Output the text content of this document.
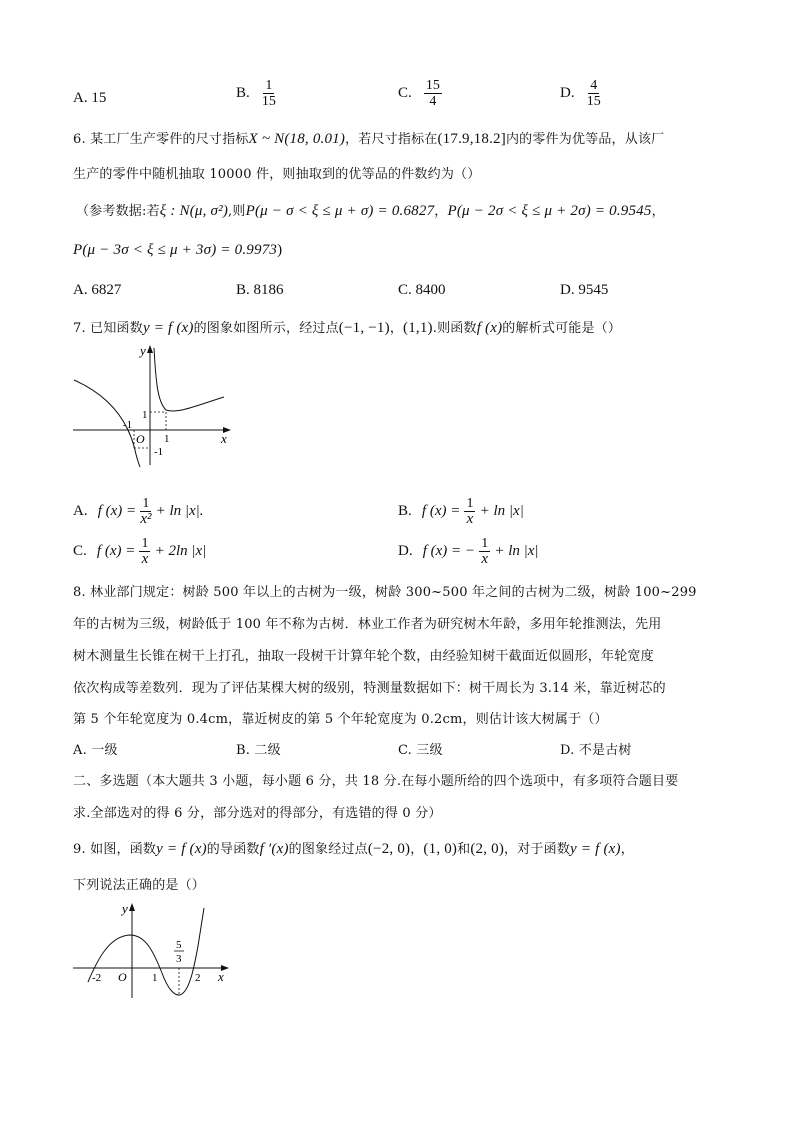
A. 15	B. $\frac{1}{15}$	C. $\frac{15}{4}$	D. $\frac{4}{15}$
6. 某工厂生产零件的尺寸指标X ~ N(18, 0.01)，若尺寸指标在(17.9,18.2]内的零件为优等品，从该厂
生产的零件中随机抽取 10000 件，则抽取到的优等品的件数约为（）
（参考数据:若ξ : N(μ, σ²),则P(μ − σ < ξ ≤ μ + σ) = 0.6827，P(μ − 2σ < ξ ≤ μ + 2σ) = 0.9545，
P(μ − 3σ < ξ ≤ μ + 3σ) = 0.9973)
A. 6827	B. 8186	C. 8400	D. 9545
7. 已知函数y = f (x)的图象如图所示，经过点(−1, −1)，(1,1).则函数f (x)的解析式可能是（）
y
x
O
-1
1
1
-1
A. f $(x) = \frac{1}{\text{x²}} + \ln |x|$.	B. f $(x) = \frac{1}{x} + \ln |x|$
C. f $(x) = \frac{1}{x} + 2\ln$ |x|	D. f (x) = − $\frac{1}{x} + \ln |x|$
8. 林业部门规定：树龄 500 年以上的古树为一级，树龄 300~500 年之间的古树为二级，树龄 100~299
年的古树为三级，树龄低于 100 年不称为古树．林业工作者为研究树木年龄，多用年轮推测法，先用
树木测量生长锥在树干上打孔，抽取一段树干计算年轮个数，由经验知树干截面近似圆形，年轮宽度
依次构成等差数列．现为了评估某棵大树的级别，特测量数据如下：树干周长为 3.14 米，靠近树芯的
第 5 个年轮宽度为 0.4cm，靠近树皮的第 5 个年轮宽度为 0.2cm，则估计该大树属于（）
A. 一级	B. 二级	C. 三级	D. 不是古树
二、多选题（本大题共 3 小题，每小题 6 分，共 18 分.在每小题所给的四个选项中，有多项符合题目要
求.全部选对的得 6 分，部分选对的得部分，有选错的得 0 分）
9. 如图，函数y = f (x)的导函数f ′(x)的图象经过点(−2, 0)，(1, 0)和(2, 0)，对于函数y = f (x)，
下列说法正确的是（）
y
x
O
-2	1	2
5
3
